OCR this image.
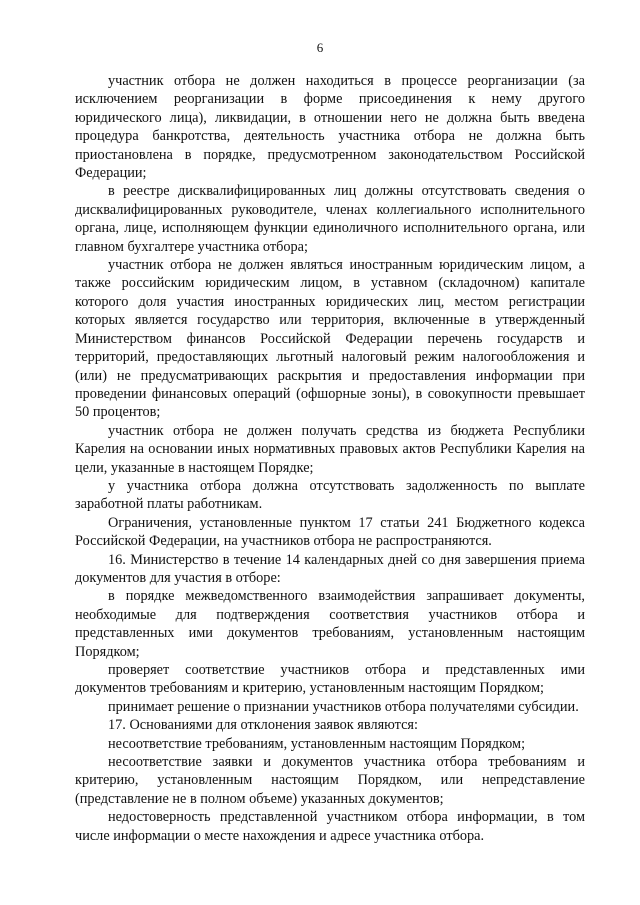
6

участник отбора не должен находиться в процессе реорганизации (за исключением реорганизации в форме присоединения к нему другого юридического лица), ликвидации, в отношении него не должна быть введена процедура банкротства, деятельность участника отбора не должна быть приостановлена в порядке, предусмотренном законодательством Российской Федерации;

в реестре дисквалифицированных лиц должны отсутствовать сведения о дисквалифицированных руководителе, членах коллегиального исполнительного органа, лице, исполняющем функции единоличного исполнительного органа, или главном бухгалтере участника отбора;

участник отбора не должен являться иностранным юридическим лицом, а также российским юридическим лицом, в уставном (складочном) капитале которого доля участия иностранных юридических лиц, местом регистрации которых является государство или территория, включенные в утвержденный Министерством финансов Российской Федерации перечень государств и территорий, предоставляющих льготный налоговый режим налогообложения и (или) не предусматривающих раскрытия и предоставления информации при проведении финансовых операций (офшорные зоны), в совокупности превышает 50 процентов;

участник отбора не должен получать средства из бюджета Республики Карелия на основании иных нормативных правовых актов Республики Карелия на цели, указанные в настоящем Порядке;

у участника отбора должна отсутствовать задолженность по выплате заработной платы работникам.

Ограничения, установленные пунктом 17 статьи 241 Бюджетного кодекса Российской Федерации, на участников отбора не распространяются.

16. Министерство в течение 14 календарных дней со дня завершения приема документов для участия в отборе:

в порядке межведомственного взаимодействия запрашивает документы, необходимые для подтверждения соответствия участников отбора и представленных ими документов требованиям, установленным настоящим Порядком;

проверяет соответствие участников отбора и представленных ими документов требованиям и критерию, установленным настоящим Порядком;

принимает решение о признании участников отбора получателями субсидии.

17. Основаниями для отклонения заявок являются:

несоответствие требованиям, установленным настоящим Порядком;

несоответствие заявки и документов участника отбора требованиям и критерию, установленным настоящим Порядком, или непредставление (представление не в полном объеме) указанных документов;

недостоверность представленной участником отбора информации, в том числе информации о месте нахождения и адресе участника отбора.
